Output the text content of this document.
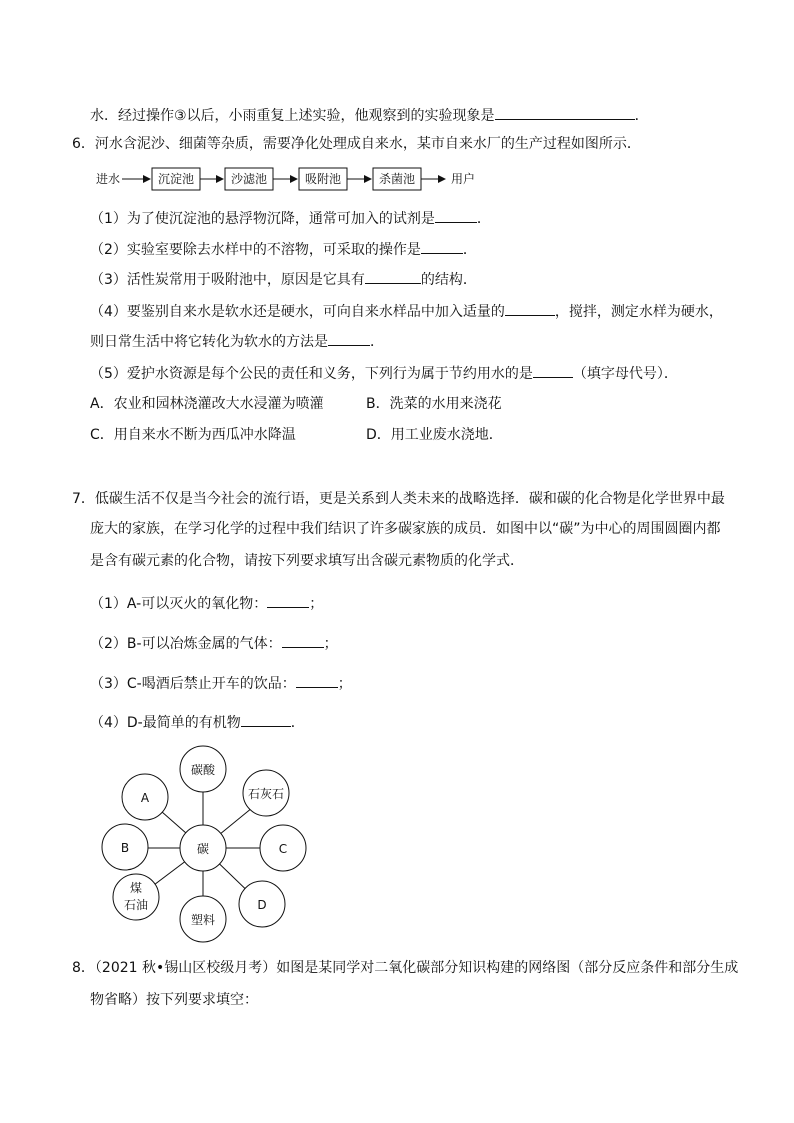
水．经过操作③以后，小雨重复上述实验，他观察到的实验现象是	．
6．河水含泥沙、细菌等杂质，需要净化处理成自来水，某市自来水厂的生产过程如图所示．
进水	沉淀池	沙滤池	吸附池	杀菌池	用户
（1）为了使沉淀池的悬浮物沉降，通常可加入的试剂是	．
（2）实验室要除去水样中的不溶物，可采取的操作是	．
（3）活性炭常用于吸附池中，原因是它具有	的结构．
（4）要鉴别自来水是软水还是硬水，可向自来水样品中加入适量的	，搅拌，测定水样为硬水，
则日常生活中将它转化为软水的方法是	．
（5）爱护水资源是每个公民的责任和义务，下列行为属于节约用水的是	（填字母代号）．
A．农业和园林浇灌改大水浸灌为喷灌	B．洗菜的水用来浇花
C．用自来水不断为西瓜冲水降温	D．用工业废水浇地．
7．低碳生活不仅是当今社会的流行语，更是关系到人类未来的战略选择．碳和碳的化合物是化学世界中最
庞大的家族，在学习化学的过程中我们结识了许多碳家族的成员．如图中以“碳”为中心的周围圆圈内都
是含有碳元素的化合物，请按下列要求填写出含碳元素物质的化学式．
（1）A-可以灭火的氧化物：	；
（2）B-可以冶炼金属的气体：	；
（3）C-喝酒后禁止开车的饮品：	；
（4）D-最简单的有机物	．
碳酸
石灰石
C
D
塑料
煤
石油
B
A
碳
8．（2021 秋•锡山区校级月考）如图是某同学对二氧化碳部分知识构建的网络图（部分反应条件和部分生成
物省略）按下列要求填空：
